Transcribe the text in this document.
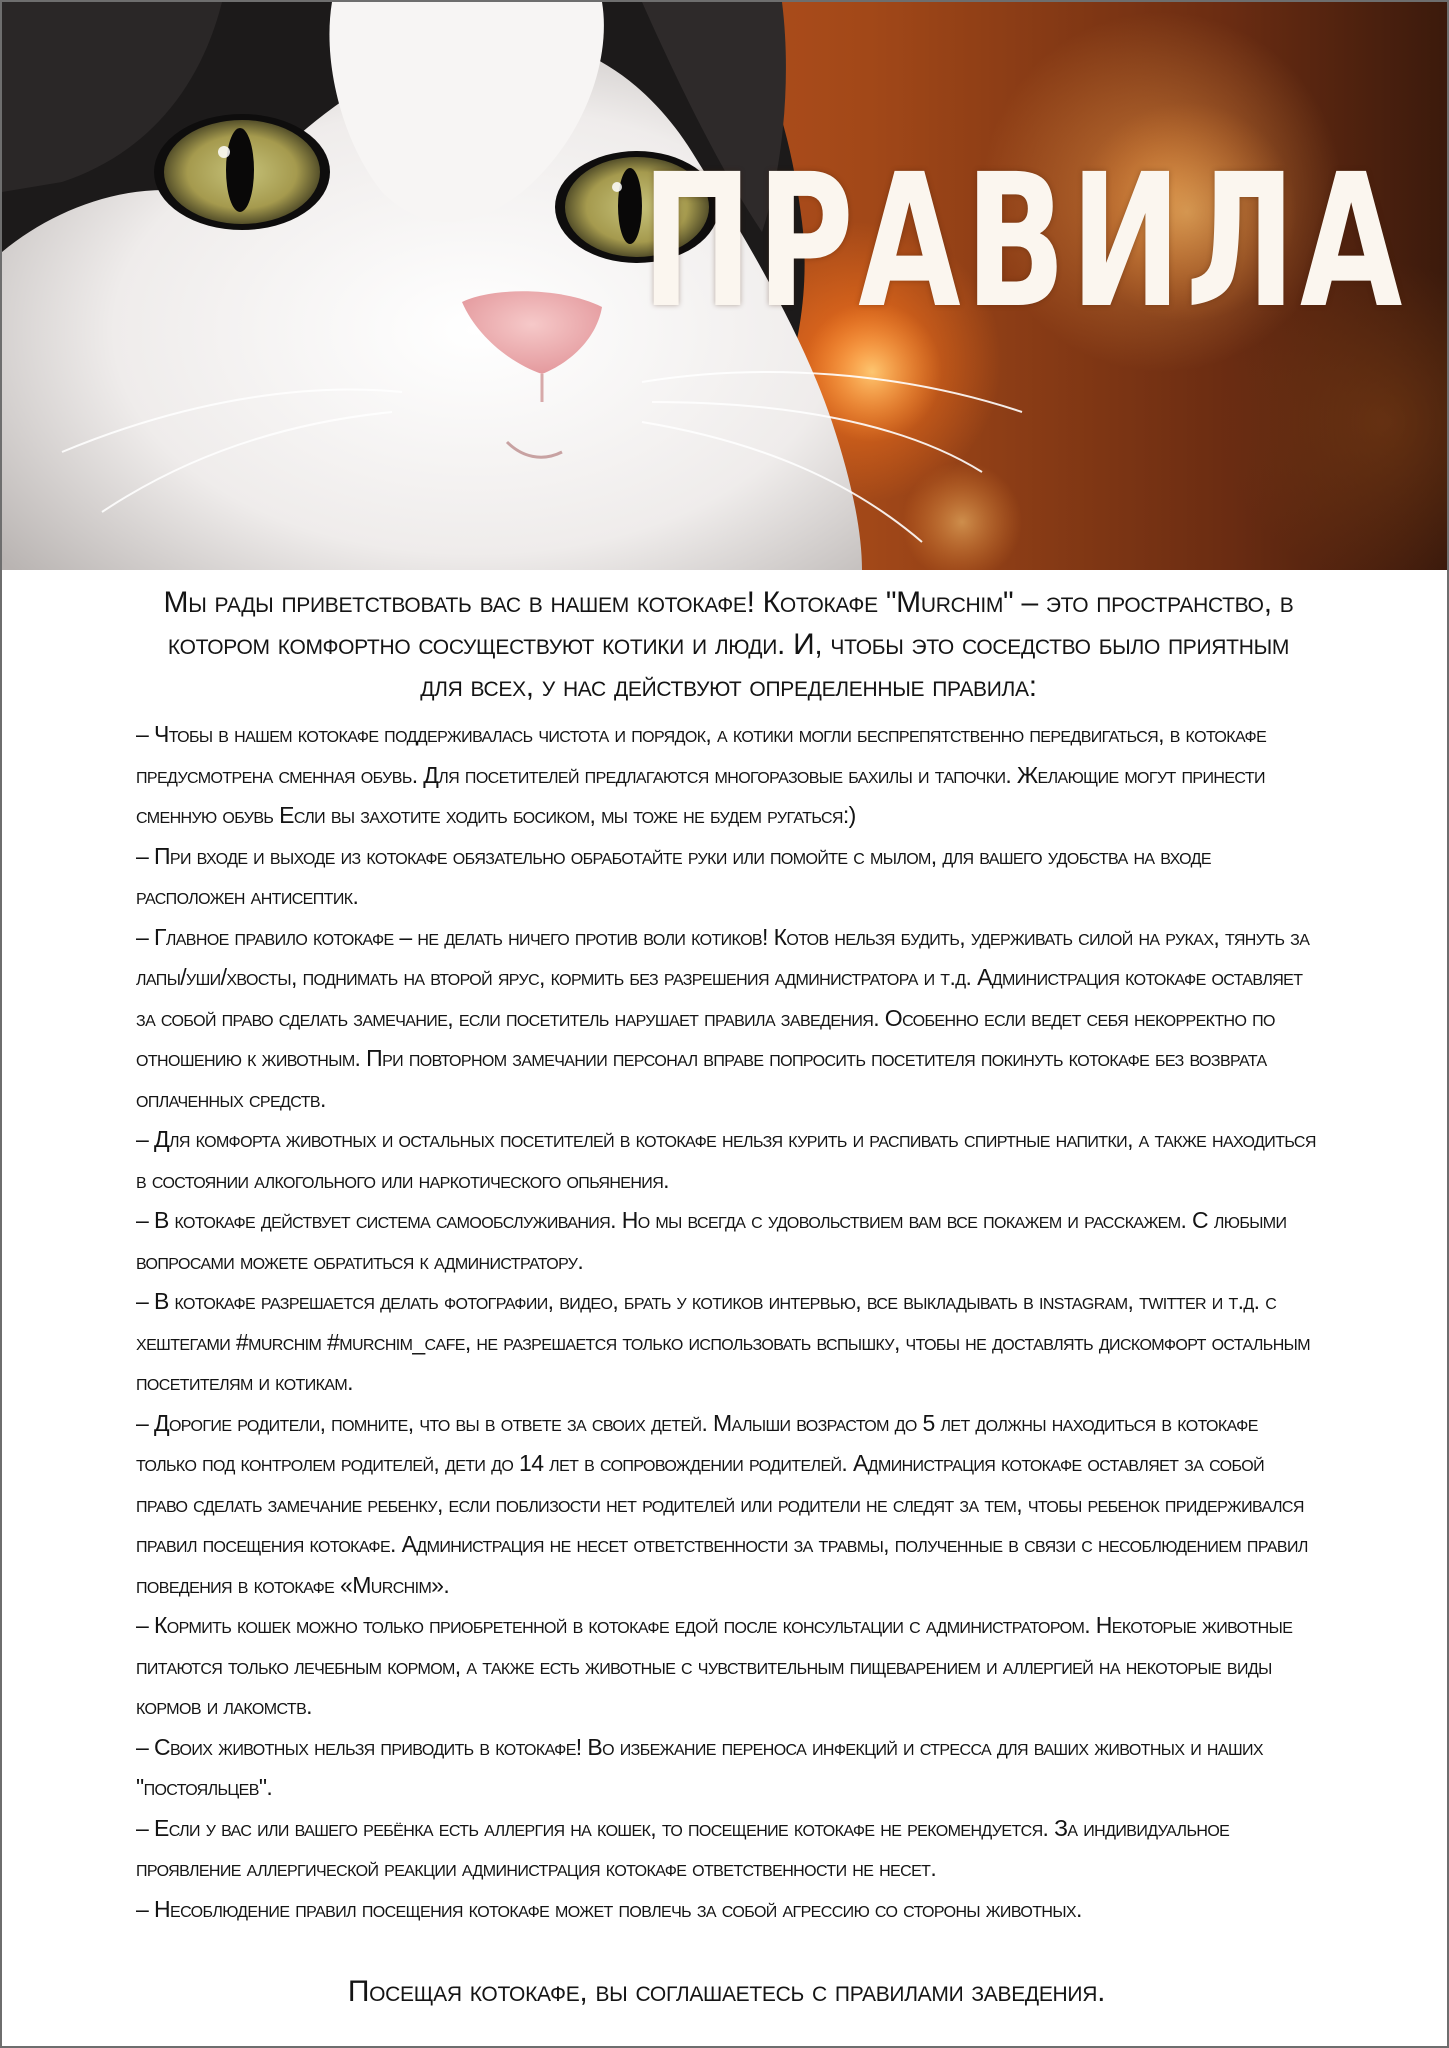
ПРАВИЛА

Мы рады приветствовать вас в нашем котокафе! Котокафе "Murchim" – это пространство, в котором комфортно сосуществуют котики и люди. И, чтобы это соседство было приятным для всех, у нас действуют определенные правила:

– Чтобы в нашем котокафе поддерживалась чистота и порядок, а котики могли беспрепятственно передвигаться, в котокафе предусмотрена сменная обувь. Для посетителей предлагаются многоразовые бахилы и тапочки. Желающие могут принести сменную обувь Если вы захотите ходить босиком, мы тоже не будем ругаться:)

– При входе и выходе из котокафе обязательно обработайте руки или помойте с мылом, для вашего удобства на входе расположен антисептик.

– Главное правило котокафе – не делать ничего против воли котиков! Котов нельзя будить, удерживать силой на руках, тянуть за лапы/уши/хвосты, поднимать на второй ярус, кормить без разрешения администратора и т.д. Администрация котокафе оставляет за собой право сделать замечание, если посетитель нарушает правила заведения. Особенно если ведет себя некорректно по отношению к животным. При повторном замечании персонал вправе попросить посетителя покинуть котокафе без возврата оплаченных средств.

– Для комфорта животных и остальных посетителей в котокафе нельзя курить и распивать спиртные напитки, а также находиться в состоянии алкогольного или наркотического опьянения.

– В котокафе действует система самообслуживания. Но мы всегда с удовольствием вам все покажем и расскажем. С любыми вопросами можете обратиться к администратору.

– В котокафе разрешается делать фотографии, видео, брать у котиков интервью, все выкладывать в instagram, twitter и т.д. с хештегами #murchim #murchim_cafe, не разрешается только использовать вспышку, чтобы не доставлять дискомфорт остальным посетителям и котикам.

– Дорогие родители, помните, что вы в ответе за своих детей. Малыши возрастом до 5 лет должны находиться в котокафе только под контролем родителей, дети до 14 лет в сопровождении родителей. Администрация котокафе оставляет за собой право сделать замечание ребенку, если поблизости нет родителей или родители не следят за тем, чтобы ребенок придерживался правил посещения котокафе. Администрация не несет ответственности за травмы, полученные в связи с несоблюдением правил поведения в котокафе «Murchim».

– Кормить кошек можно только приобретенной в котокафе едой после консультации с администратором. Некоторые животные питаются только лечебным кормом, а также есть животные с чувствительным пищеварением и аллергией на некоторые виды кормов и лакомств.

– Своих животных нельзя приводить в котокафе! Во избежание переноса инфекций и стресса для ваших животных и наших "постояльцев".

– Если у вас или вашего ребёнка есть аллергия на кошек, то посещение котокафе не рекомендуется. За индивидуальное проявление аллергической реакции администрация котокафе ответственности не несет.

– Несоблюдение правил посещения котокафе может повлечь за собой агрессию со стороны животных.

Посещая котокафе, вы соглашаетесь с правилами заведения.
